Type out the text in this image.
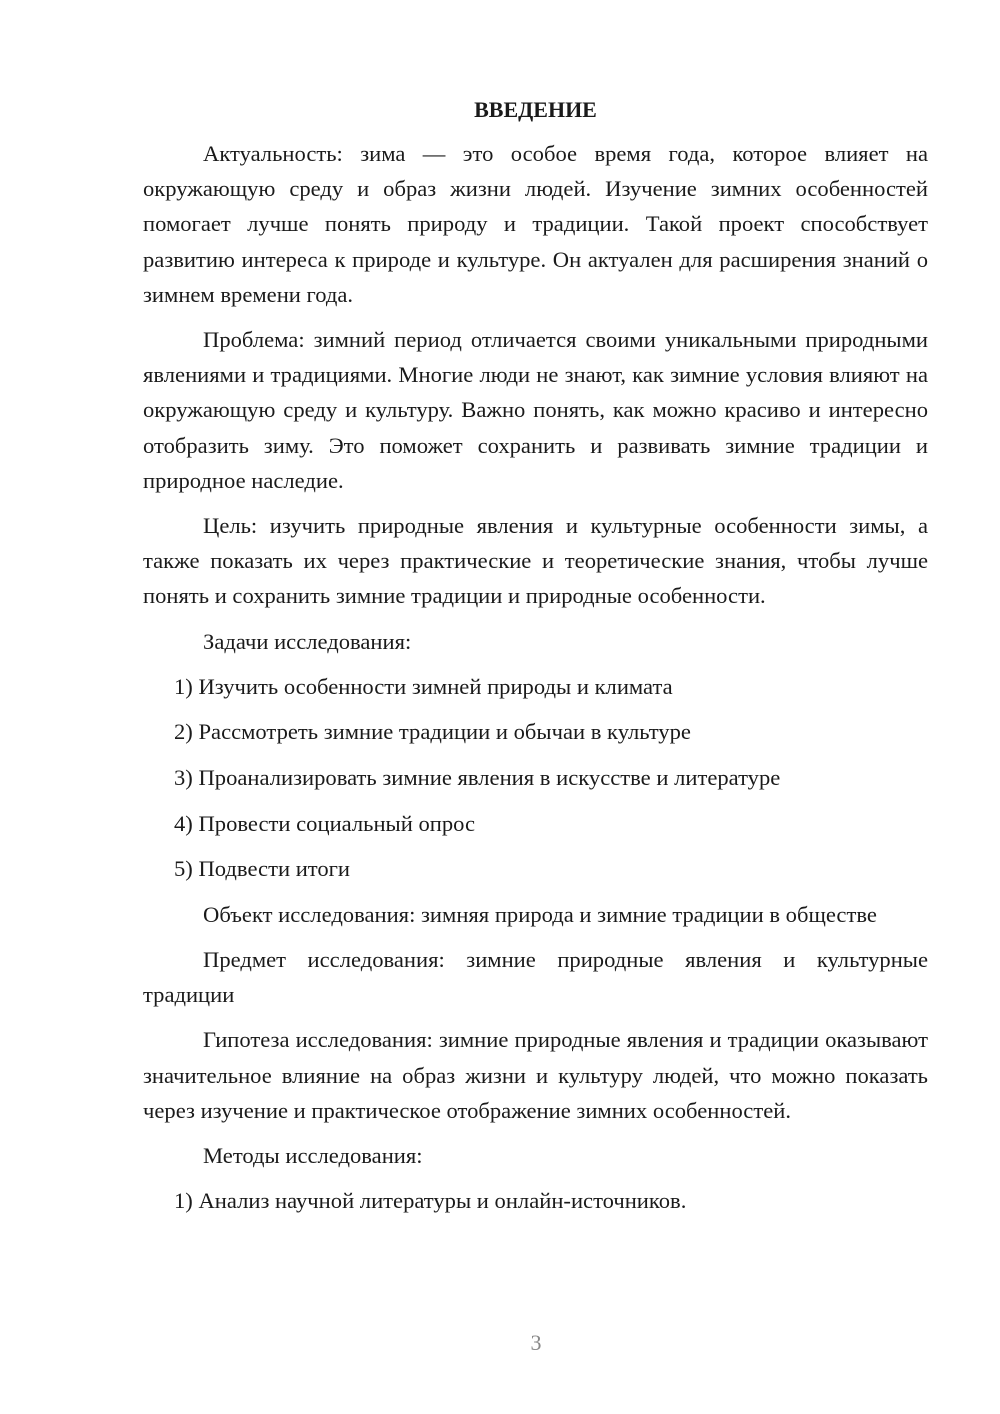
ВВЕДЕНИЕ

Актуальность: зима — это особое время года, которое влияет на окружающую среду и образ жизни людей. Изучение зимних особенностей помогает лучше понять природу и традиции. Такой проект способствует развитию интереса к природе и культуре. Он актуален для расширения знаний о зимнем времени года.

Проблема: зимний период отличается своими уникальными природными явлениями и традициями. Многие люди не знают, как зимние условия влияют на окружающую среду и культуру. Важно понять, как можно красиво и интересно отобразить зиму. Это поможет сохранить и развивать зимние традиции и природное наследие.

Цель: изучить природные явления и культурные особенности зимы, а также показать их через практические и теоретические знания, чтобы лучше понять и сохранить зимние традиции и природные особенности.

Задачи исследования:
1) Изучить особенности зимней природы и климата
2) Рассмотреть зимние традиции и обычаи в культуре
3) Проанализировать зимние явления в искусстве и литературе
4) Провести социальный опрос
5) Подвести итоги

Объект исследования: зимняя природа и зимние традиции в обществе

Предмет исследования: зимние природные явления и культурные традиции

Гипотеза исследования: зимние природные явления и традиции оказывают значительное влияние на образ жизни и культуру людей, что можно показать через изучение и практическое отображение зимних особенностей.

Методы исследования:
1) Анализ научной литературы и онлайн-источников.
3
